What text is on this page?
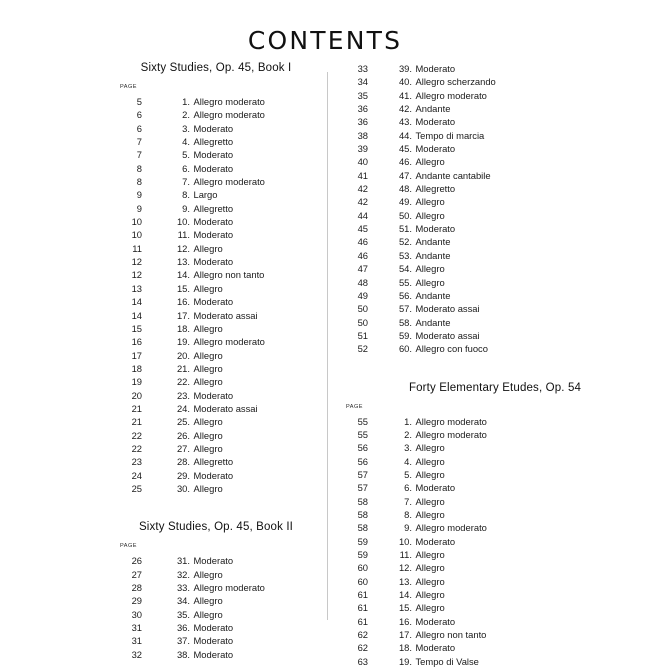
CONTENTS
Sixty Studies, Op. 45, Book I
PAGE
5	1. Allegro moderato
6	2. Allegro moderato
6	3. Moderato
7	4. Allegretto
7	5. Moderato
8	6. Moderato
8	7. Allegro moderato
9	8. Largo
9	9. Allegretto
10	10. Moderato
10	11. Moderato
11	12. Allegro
12	13. Moderato
12	14. Allegro non tanto
13	15. Allegro
14	16. Moderato
14	17. Moderato assai
15	18. Allegro
16	19. Allegro moderato
17	20. Allegro
18	21. Allegro
19	22. Allegro
20	23. Moderato
21	24. Moderato assai
21	25. Allegro
22	26. Allegro
22	27. Allegro
23	28. Allegretto
24	29. Moderato
25	30. Allegro
Sixty Studies, Op. 45, Book II
PAGE
26	31. Moderato
27	32. Allegro
28	33. Allegro moderato
29	34. Allegro
30	35. Allegro
31	36. Moderato
31	37. Moderato
32	38. Moderato
33	39. Moderato
34	40. Allegro scherzando
35	41. Allegro moderato
36	42. Andante
36	43. Moderato
38	44. Tempo di marcia
39	45. Moderato
40	46. Allegro
41	47. Andante cantabile
42	48. Allegretto
42	49. Allegro
44	50. Allegro
45	51. Moderato
46	52. Andante
46	53. Andante
47	54. Allegro
48	55. Allegro
49	56. Andante
50	57. Moderato assai
50	58. Andante
51	59. Moderato assai
52	60. Allegro con fuoco
Forty Elementary Etudes, Op. 54
PAGE
55	1. Allegro moderato
55	2. Allegro moderato
56	3. Allegro
56	4. Allegro
57	5. Allegro
57	6. Moderato
58	7. Allegro
58	8. Allegro
58	9. Allegro moderato
59	10. Moderato
59	11. Allegro
60	12. Allegro
60	13. Allegro
61	14. Allegro
61	15. Allegro
61	16. Moderato
62	17. Allegro non tanto
62	18. Moderato
63	19. Tempo di Valse
